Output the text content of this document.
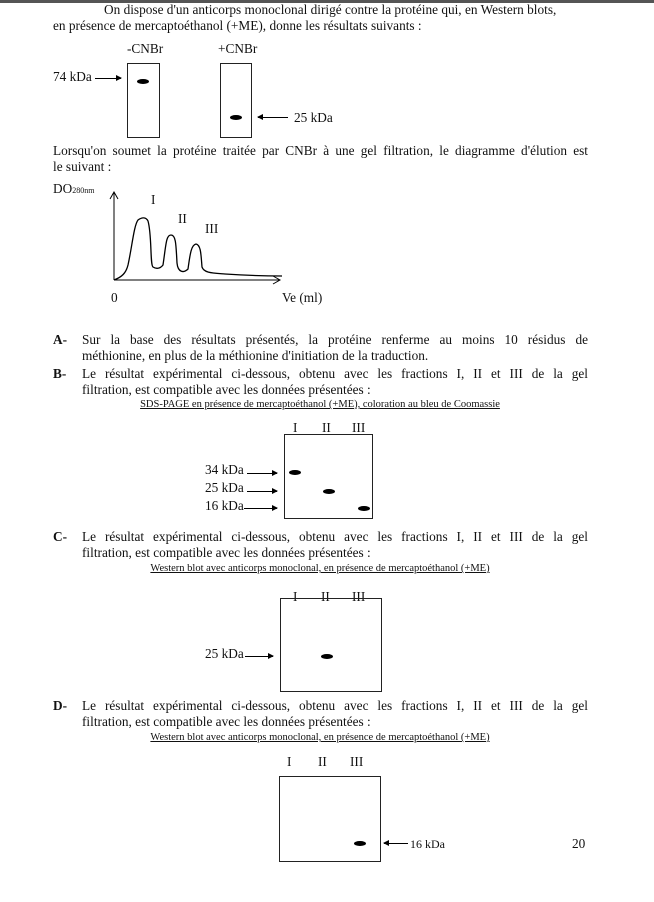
On dispose d'un anticorps monoclonal dirigé contre la protéine qui, en Western blots,
en présence de mercaptoéthanol (+ME), donne les résultats suivants :
-CNBr	+CNBr
74 kDa
25 kDa
Lorsqu'on soumet la protéine traitée par CNBr à une gel filtration, le diagramme d'élution est
le suivant :
DO280nm
I
II
III
0	Ve (ml)
A- Sur la base des résultats présentés, la protéine renferme au moins 10 résidus de
méthionine, en plus de la méthionine d'initiation de la traduction.
B- Le résultat expérimental ci-dessous, obtenu avec les fractions I, II et III de la gel
filtration, est compatible avec les données présentées :
SDS-PAGE en présence de mercaptoéthanol (+ME), coloration au bleu de Coomassie
I II III
34 kDa
25 kDa
16 kDa
C- Le résultat expérimental ci-dessous, obtenu avec les fractions I, II et III de la gel
filtration, est compatible avec les données présentées :
Western blot avec anticorps monoclonal, en présence de mercaptoéthanol (+ME)
I II III
25 kDa
D- Le résultat expérimental ci-dessous, obtenu avec les fractions I, II et III de la gel
filtration, est compatible avec les données présentées :
Western blot avec anticorps monoclonal, en présence de mercaptoéthanol (+ME)
I II III
16 kDa	20
